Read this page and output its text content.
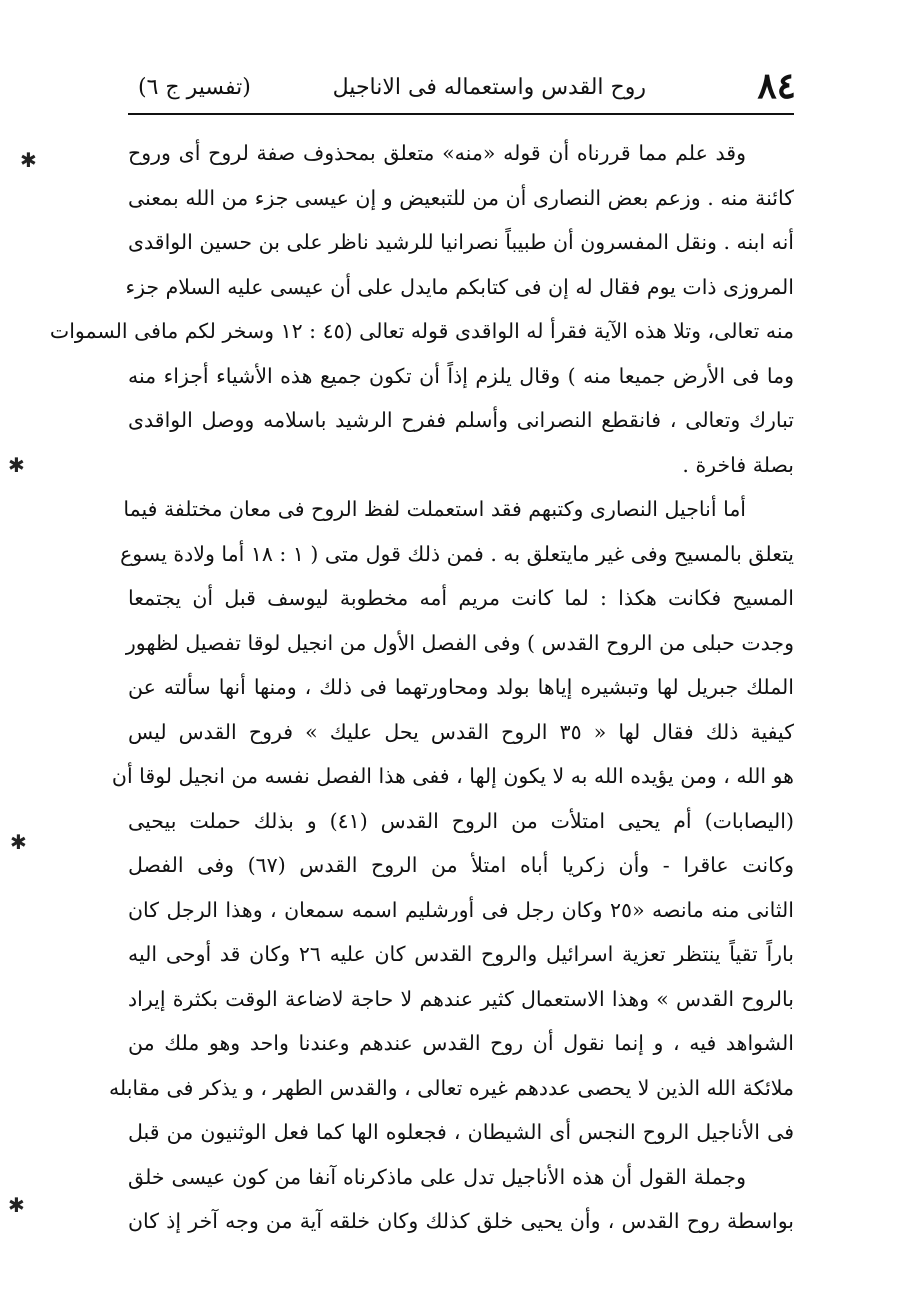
٨٤
روح القدس واستعماله فى الاناجيل
(تفسير ج ٦)
✱
✱
✱
✱
وقد علم مما قررناه أن قوله «منه» متعلق بمحذوف صفة لروح أى وروح
كائنة منه . وزعم بعض النصارى أن من للتبعيض و إن عيسى جزء من الله بمعنى
أنه ابنه . ونقل المفسرون أن طبيباً نصرانيا للرشيد ناظر على بن حسين الواقدى
المروزى ذات يوم فقال له إن فى كتابكم مايدل على أن عيسى عليه السلام جزء
منه تعالى، وتلا هذه الآية فقرأ له الواقدى قوله تعالى (٤٥ : ١٢ وسخر لكم مافى السموات
وما فى الأرض جميعا منه ) وقال يلزم إذاً أن تكون جميع هذه الأشياء أجزاء منه
تبارك وتعالى ، فانقطع النصرانى وأسلم ففرح الرشيد باسلامه ووصل الواقدى
بصلة فاخرة .
أما أناجيل النصارى وكتبهم فقد استعملت لفظ الروح فى معان مختلفة فيما
يتعلق بالمسيح وفى غير مايتعلق به . فمن ذلك قول متى ( ١ : ١٨ أما ولادة يسوع
المسيح فكانت هكذا : لما كانت مريم أمه مخطوبة ليوسف قبل أن يجتمعا
وجدت حبلى من الروح القدس ) وفى الفصل الأول من انجيل لوقا تفصيل لظهور
الملك جبريل لها وتبشيره إياها بولد ومحاورتهما فى ذلك ، ومنها أنها سألته عن
كيفية ذلك فقال لها « ٣٥ الروح القدس يحل عليك » فروح القدس ليس
هو الله ، ومن يؤيده الله به لا يكون إلها ، ففى هذا الفصل نفسه من انجيل لوقا أن
(اليصابات) أم يحيى امتلأت من الروح القدس (٤١) و بذلك حملت بيحيى
وكانت عاقرا - وأن زكريا أباه امتلأ من الروح القدس (٦٧) وفى الفصل
الثانى منه مانصه «٢٥ وكان رجل فى أورشليم اسمه سمعان ، وهذا الرجل كان
باراً تقياً ينتظر تعزية اسرائيل والروح القدس كان عليه ٢٦ وكان قد أوحى اليه
بالروح القدس » وهذا الاستعمال كثير عندهم لا حاجة لاضاعة الوقت بكثرة إيراد
الشواهد فيه ، و إنما نقول أن روح القدس عندهم وعندنا واحد وهو ملك من
ملائكة الله الذين لا يحصى عددهم غيره تعالى ، والقدس الطهر ، و يذكر فى مقابله
فى الأناجيل الروح النجس أى الشيطان ، فجعلوه الها كما فعل الوثنيون من قبل
وجملة القول أن هذه الأناجيل تدل على ماذكرناه آنفا من كون عيسى خلق
بواسطة روح القدس ، وأن يحيى خلق كذلك وكان خلقه آية من وجه آخر إذ كان
